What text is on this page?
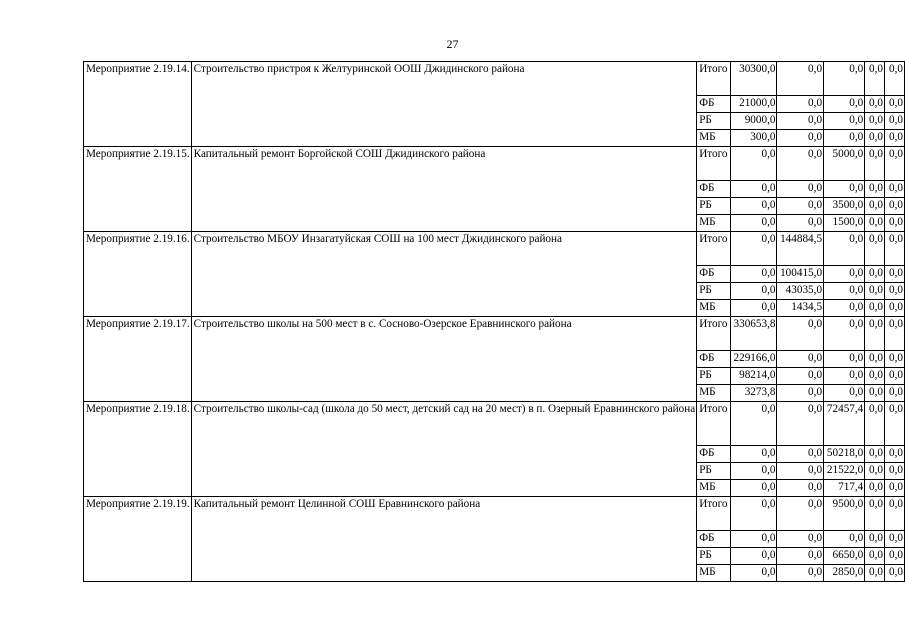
27
Мероприятие 2.19.14.	Строительство пристроя к Желтуринской ООШ Джидинского района	Итого	30300,0	0,0	0,0	0,0	0,0
		ФБ	21000,0	0,0	0,0	0,0	0,0
		РБ	9000,0	0,0	0,0	0,0	0,0
		МБ	300,0	0,0	0,0	0,0	0,0
Мероприятие 2.19.15.	Капитальный ремонт Боргойской СОШ Джидинского района	Итого	0,0	0,0	5000,0	0,0	0,0
		ФБ	0,0	0,0	0,0	0,0	0,0
		РБ	0,0	0,0	3500,0	0,0	0,0
		МБ	0,0	0,0	1500,0	0,0	0,0
Мероприятие 2.19.16.	Строительство МБОУ Инзагатуйская СОШ на 100 мест Джидинского района	Итого	0,0	144884,5	0,0	0,0	0,0
		ФБ	0,0	100415,0	0,0	0,0	0,0
		РБ	0,0	43035,0	0,0	0,0	0,0
		МБ	0,0	1434,5	0,0	0,0	0,0
Мероприятие 2.19.17.	Строительство школы на 500 мест в с. Сосново-Озерское Еравнинского района	Итого	330653,8	0,0	0,0	0,0	0,0
		ФБ	229166,0	0,0	0,0	0,0	0,0
		РБ	98214,0	0,0	0,0	0,0	0,0
		МБ	3273,8	0,0	0,0	0,0	0,0
Мероприятие 2.19.18.	Строительство школы-сад (школа до 50 мест, детский сад на 20 мест) в п. Озерный Еравнинского района	Итого	0,0	0,0	72457,4	0,0	0,0
		ФБ	0,0	0,0	50218,0	0,0	0,0
		РБ	0,0	0,0	21522,0	0,0	0,0
		МБ	0,0	0,0	717,4	0,0	0,0
Мероприятие 2.19.19.	Капитальный ремонт Целинной СОШ Еравнинского района	Итого	0,0	0,0	9500,0	0,0	0,0
		ФБ	0,0	0,0	0,0	0,0	0,0
		РБ	0,0	0,0	6650,0	0,0	0,0
		МБ	0,0	0,0	2850,0	0,0	0,0
